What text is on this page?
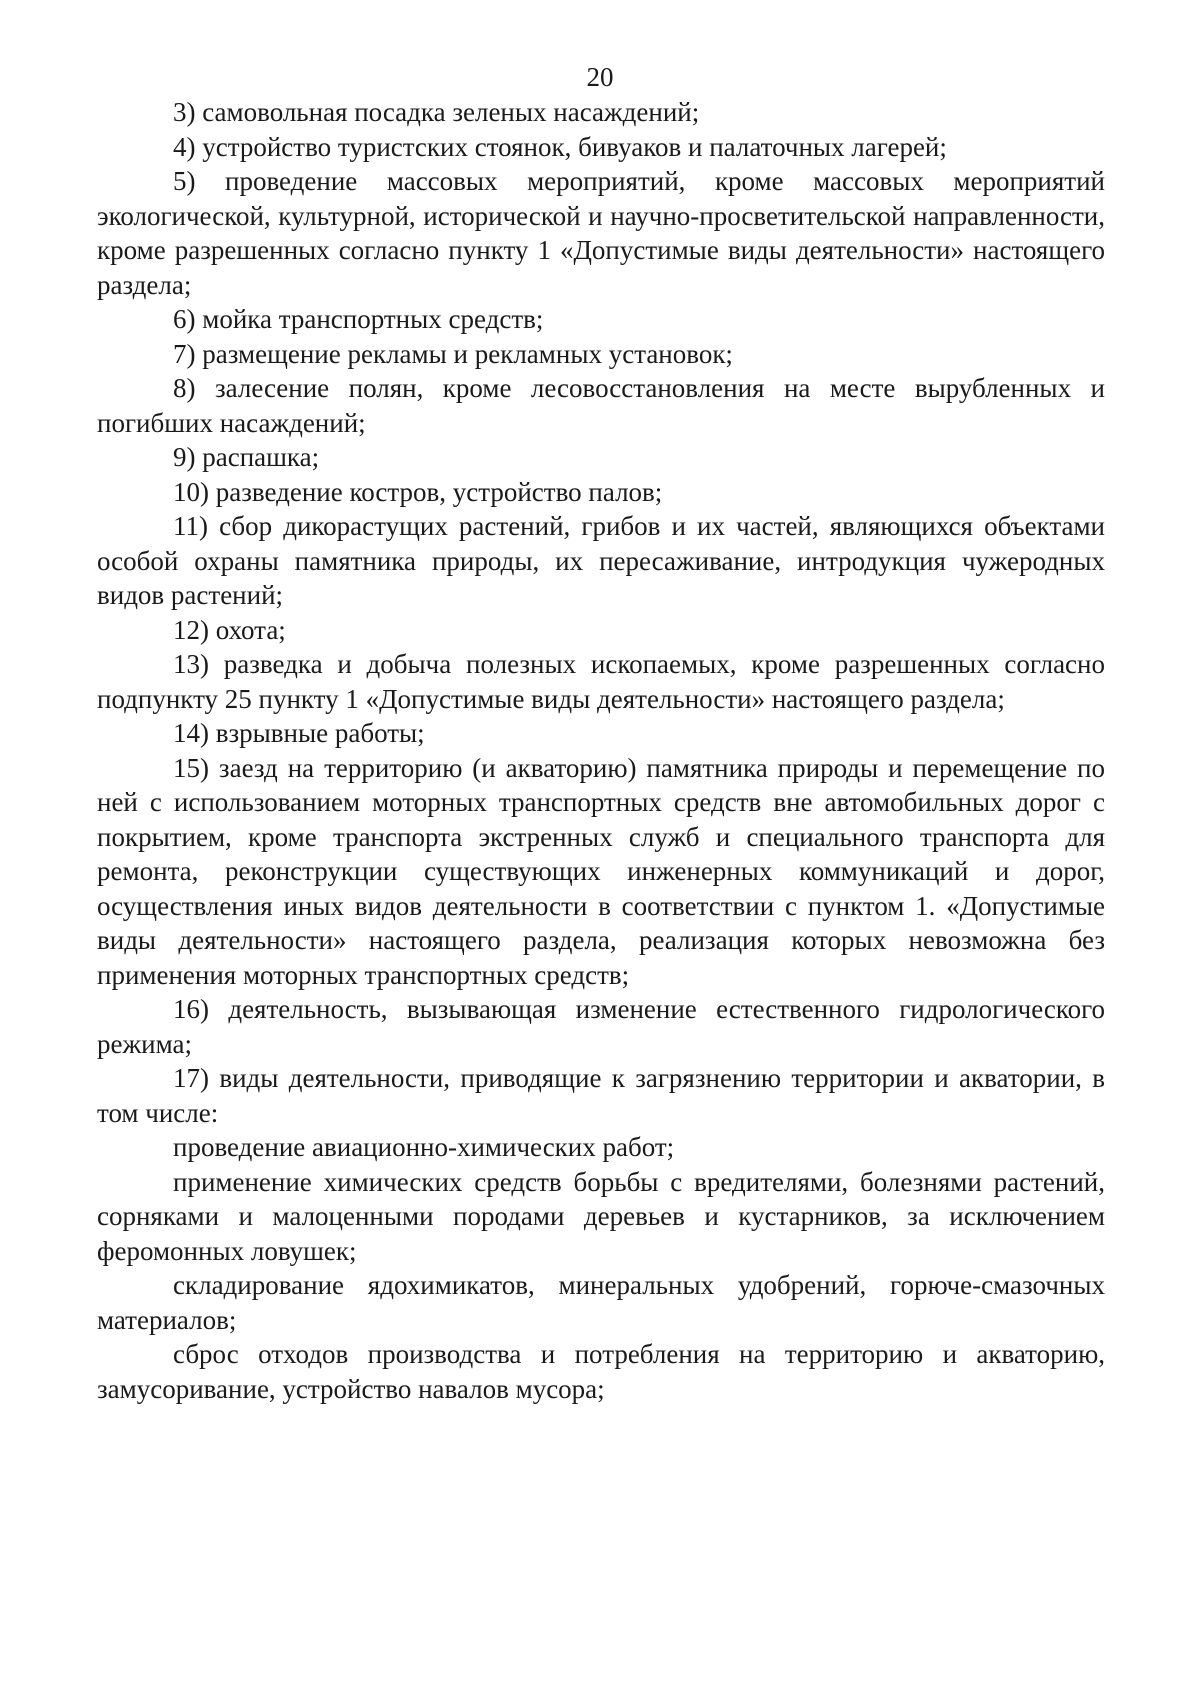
20

3) самовольная посадка зеленых насаждений;

4) устройство туристских стоянок, бивуаков и палаточных лагерей;

5) проведение массовых мероприятий, кроме массовых мероприятий экологической, культурной, исторической и научно-просветительской направленности, кроме разрешенных согласно пункту 1 «Допустимые виды деятельности» настоящего раздела;

6) мойка транспортных средств;

7) размещение рекламы и рекламных установок;

8) залесение полян, кроме лесовосстановления на месте вырубленных и погибших насаждений;

9) распашка;

10) разведение костров, устройство палов;

11) сбор дикорастущих растений, грибов и их частей, являющихся объектами особой охраны памятника природы, их пересаживание, интродукция чужеродных видов растений;

12) охота;

13) разведка и добыча полезных ископаемых, кроме разрешенных согласно подпункту 25 пункту 1 «Допустимые виды деятельности» настоящего раздела;

14) взрывные работы;

15) заезд на территорию (и акваторию) памятника природы и перемещение по ней с использованием моторных транспортных средств вне автомобильных дорог с покрытием, кроме транспорта экстренных служб и специального транспорта для ремонта, реконструкции существующих инженерных коммуникаций и дорог, осуществления иных видов деятельности в соответствии с пунктом 1. «Допустимые виды деятельности» настоящего раздела, реализация которых невозможна без применения моторных транспортных средств;

16) деятельность, вызывающая изменение естественного гидрологического режима;

17) виды деятельности, приводящие к загрязнению территории и акватории, в том числе:

проведение авиационно-химических работ;

применение химических средств борьбы с вредителями, болезнями растений, сорняками и малоценными породами деревьев и кустарников, за исключением феромонных ловушек;

складирование ядохимикатов, минеральных удобрений, горюче-смазочных материалов;

сброс отходов производства и потребления на территорию и акваторию, замусоривание, устройство навалов мусора;
